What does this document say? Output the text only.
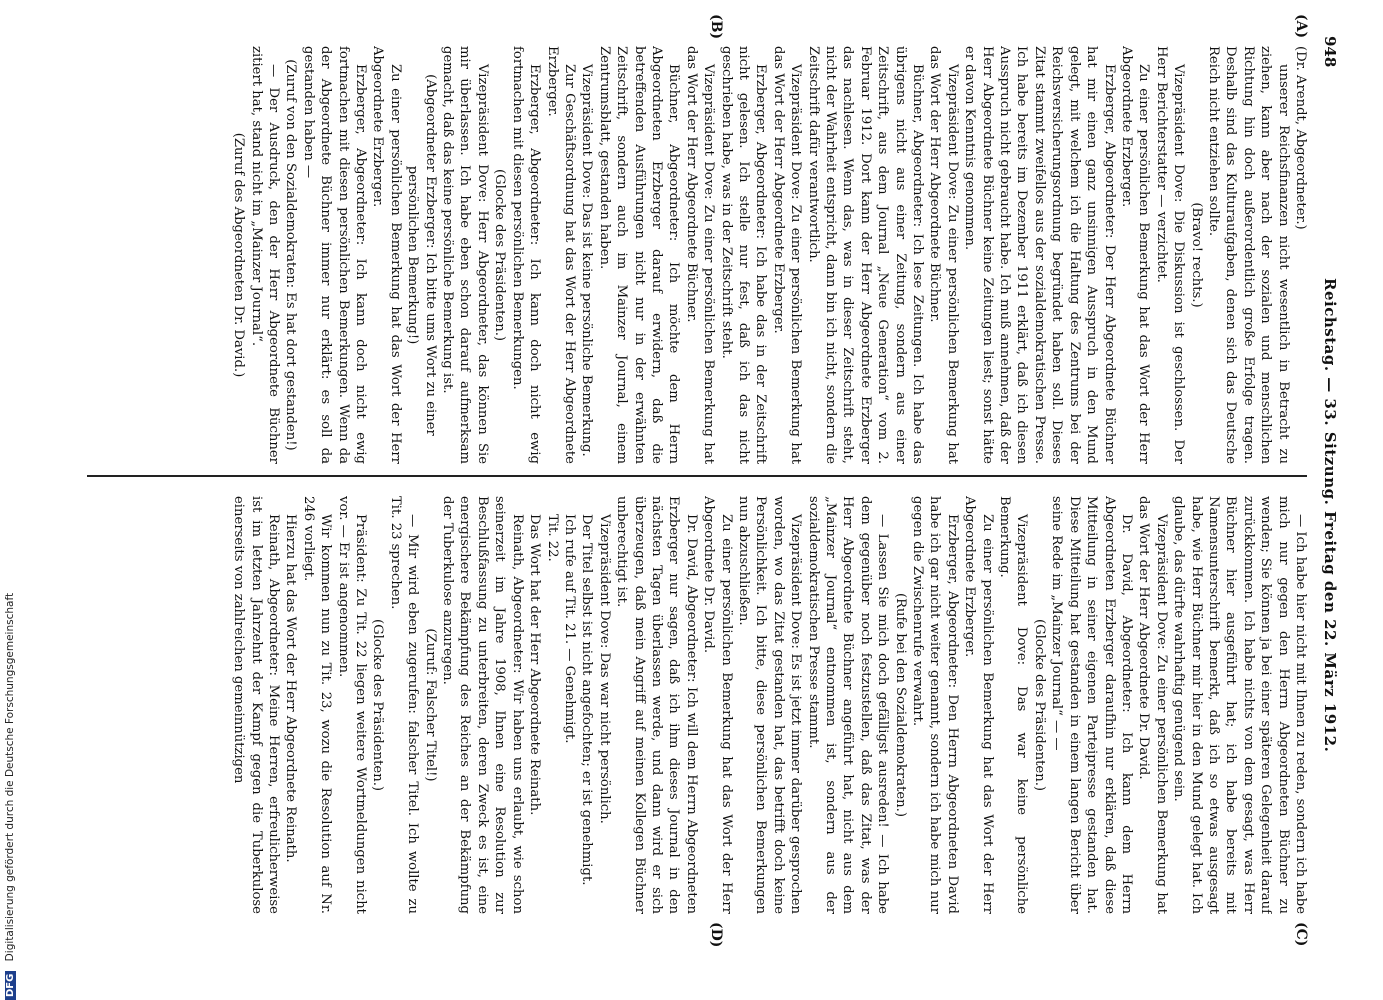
948
Reichstag. — 33. Sitzung. Freitag den 22. März 1912.
(A)
(B)
(C)
(D)

(Dr. Arendt, Abgeordneter.)

unserer Reichsfinanzen nicht wesentlich in Betracht zu ziehen, kann aber nach der sozialen und menschlichen Richtung hin doch außerordentlich große Erfolge tragen. Deshalb sind das Kulturaufgaben, denen sich das Deutsche Reich nicht entziehen sollte.

(Bravo! rechts.)

Vizepräsident Dove: Die Diskussion ist geschlossen. Der Herr Berichterstatter — verzichtet.

Zu einer persönlichen Bemerkung hat das Wort der Herr Abgeordnete Erzberger.

Erzberger, Abgeordneter: Der Herr Abgeordnete Büchner hat mir einen ganz unsinnigen Ausspruch in den Mund gelegt, mit welchem ich die Haltung des Zentrums bei der Reichsversicherungsordnung begründet haben soll. Dieses Zitat stammt zweifellos aus der sozialdemokratischen Presse. Ich habe bereits im Dezember 1911 erklärt, daß ich diesen Ausspruch nicht gebraucht habe. Ich muß annehmen, daß der Herr Abgeordnete Büchner keine Zeitungen liest; sonst hätte er davon Kenntnis genommen.

Vizepräsident Dove: Zu einer persönlichen Bemerkung hat das Wort der Herr Abgeordnete Büchner.

Büchner, Abgeordneter: Ich lese Zeitungen. Ich habe das übrigens nicht aus einer Zeitung, sondern aus einer Zeitschrift, aus dem Journal „Neue Generation“ vom 2. Februar 1912. Dort kann der Herr Abgeordnete Erzberger das nachlesen. Wenn das, was in dieser Zeitschrift steht, nicht der Wahrheit entspricht, dann bin ich nicht, sondern die Zeitschrift dafür verantwortlich.

Vizepräsident Dove: Zu einer persönlichen Bemerkung hat das Wort der Herr Abgeordnete Erzberger.

Erzberger, Abgeordneter: Ich habe das in der Zeitschrift nicht gelesen. Ich stelle nur fest, daß ich das nicht geschrieben habe, was in der Zeitschrift steht.

Vizepräsident Dove: Zu einer persönlichen Bemerkung hat das Wort der Herr Abgeordnete Büchner.

Büchner, Abgeordneter: Ich möchte dem Herrn Abgeordneten Erzberger darauf erwidern, daß die betreffenden Ausführungen nicht nur in der erwähnten Zeitschrift, sondern auch im Mainzer Journal, einem Zentrumsblatt, gestanden haben.

Vizepräsident Dove: Das ist keine persönliche Bemerkung.

Zur Geschäftsordnung hat das Wort der Herr Abgeordnete Erzberger.

Erzberger, Abgeordneter: Ich kann doch nicht ewig fortmachen mit diesen persönlichen Bemerkungen.

(Glocke des Präsidenten.)

Vizepräsident Dove: Herr Abgeordneter, das können Sie mir überlassen. Ich habe eben schon darauf aufmerksam gemacht, daß das keine persönliche Bemerkung ist.

(Abgeordneter Erzberger: Ich bitte ums Wort zu einer persönlichen Bemerkung!)

Zu einer persönlichen Bemerkung hat das Wort der Herr Abgeordnete Erzberger.

Erzberger, Abgeordneter: Ich kann doch nicht ewig fortmachen mit diesen persönlichen Bemerkungen. Wenn da der Abgeordnete Büchner immer nur erklärt: es soll da gestanden haben —

(Zuruf von den Sozialdemokraten: Es hat dort gestanden!)

— Der Ausdruck, den der Herr Abgeordnete Büchner zitiert hat, stand nicht im „Mainzer Journal“.

(Zuruf des Abgeordneten Dr. David.)

— Ich habe hier nicht mit Ihnen zu reden, sondern ich habe mich nur gegen den Herrn Abgeordneten Büchner zu wenden; Sie können ja bei einer späteren Gelegenheit darauf zurückkommen. Ich habe nichts von dem gesagt, was Herr Büchner hier ausgeführt hat; ich habe bereits mit Namensunterschrift bemerkt, daß ich so etwas ausgesagt habe, wie Herr Büchner mir hier in den Mund gelegt hat. Ich glaube, das dürfte wahrhaftig genügend sein.

Vizepräsident Dove: Zu einer persönlichen Bemerkung hat das Wort der Herr Abgeordnete Dr. David.

Dr. David, Abgeordneter: Ich kann dem Herrn Abgeordneten Erzberger daraufhin nur erklären, daß diese Mitteilung in seiner eigenen Parteipresse gestanden hat. Diese Mitteilung hat gestanden in einem langen Bericht über seine Rede im „Mainzer Journal“ — —

(Glocke des Präsidenten.)

Vizepräsident Dove: Das war keine persönliche Bemerkung.

Zu einer persönlichen Bemerkung hat das Wort der Herr Abgeordnete Erzberger.

Erzberger, Abgeordneter: Den Herrn Abgeordneten David habe ich gar nicht weiter genannt, sondern ich habe mich nur gegen die Zwischenrufe verwahrt.

(Rufe bei den Sozialdemokraten.)

— Lassen Sie mich doch gefälligst ausreden! — Ich habe dem gegenüber noch festzustellen, daß das Zitat, was der Herr Abgeordnete Büchner angeführt hat, nicht aus dem „Mainzer Journal“ entnommen ist, sondern aus der sozialdemokratischen Presse stammt.

Vizepräsident Dove: Es ist jetzt immer darüber gesprochen worden, wo das Zitat gestanden hat, das betrifft doch keine Persönlichkeit. Ich bitte, diese persönlichen Bemerkungen nun abzuschließen.

Zu einer persönlichen Bemerkung hat das Wort der Herr Abgeordnete Dr. David.

Dr. David, Abgeordneter: Ich will dem Herrn Abgeordneten Erzberger nur sagen, daß ich ihm dieses Journal in den nächsten Tagen überlassen werde, und dann wird er sich überzeugen, daß mein Angriff auf meinen Kollegen Büchner unberechtigt ist.

Vizepräsident Dove: Das war nicht persönlich.

Der Titel selbst ist nicht angefochten; er ist genehmigt.

Ich rufe auf Tit. 21. — Genehmigt.

Tit. 22.

Das Wort hat der Herr Abgeordnete Reinath.

Reinath, Abgeordneter: Wir haben uns erlaubt, wie schon seinerzeit im Jahre 1908, Ihnen eine Resolution zur Beschlußfassung zu unterbreiten, deren Zweck es ist, eine energischere Bekämpfung des Reiches an der Bekämpfung der Tuberkulose anzuregen.

(Zuruf: Falscher Titel!)

— Mir wird eben zugerufen: falscher Titel. Ich wollte zu Tit. 23 sprechen.

(Glocke des Präsidenten.)

Präsident: Zu Tit. 22 liegen weitere Wortmeldungen nicht vor. — Er ist angenommen.

Wir kommen nun zu Tit. 23, wozu die Resolution auf Nr. 246 vorliegt.

Hierzu hat das Wort der Herr Abgeordnete Reinath.

Reinath, Abgeordneter: Meine Herren, erfreulicherweise ist im letzten Jahrzehnt der Kampf gegen die Tuberkulose einerseits von zahlreichen gemeinnützigen

DFG Digitalisierung gefördert durch die Deutsche Forschungsgemeinschaft
